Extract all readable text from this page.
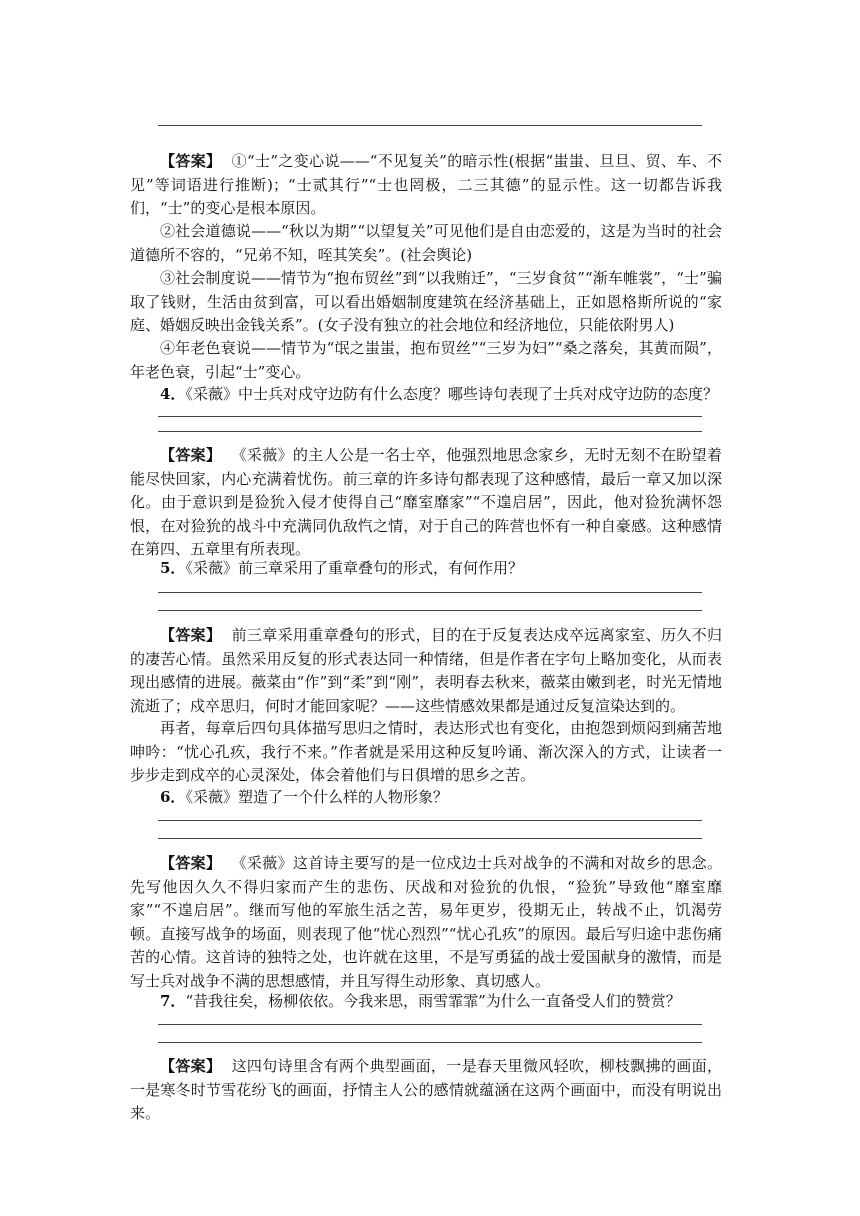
【答案】 ①“士”之变心说——“不见复关”的暗示性(根据“蚩蚩、旦旦、贸、车、不见”等词语进行推断)；“士贰其行”“士也罔极，二三其德”的显示性。这一切都告诉我们，“士”的变心是根本原因。

②社会道德说——“秋以为期”“以望复关”可见他们是自由恋爱的，这是为当时的社会道德所不容的，“兄弟不知，咥其笑矣”。(社会舆论)

③社会制度说——情节为“抱布贸丝”到“以我贿迁”，“三岁食贫”“渐车帷裳”，“士”骗取了钱财，生活由贫到富，可以看出婚姻制度建筑在经济基础上，正如恩格斯所说的“家庭、婚姻反映出金钱关系”。(女子没有独立的社会地位和经济地位，只能依附男人)

④年老色衰说——情节为“氓之蚩蚩，抱布贸丝”“三岁为妇”“桑之落矣，其黄而陨”，年老色衰，引起“士”变心。

4．《采薇》中士兵对戍守边防有什么态度？哪些诗句表现了士兵对戍守边防的态度？

【答案】 《采薇》的主人公是一名士卒，他强烈地思念家乡，无时无刻不在盼望着能尽快回家，内心充满着忧伤。前三章的许多诗句都表现了这种感情，最后一章又加以深化。由于意识到是猃狁入侵才使得自己“靡室靡家”“不遑启居”，因此，他对猃狁满怀怨恨，在对猃狁的战斗中充满同仇敌忾之情，对于自己的阵营也怀有一种自豪感。这种感情在第四、五章里有所表现。

5．《采薇》前三章采用了重章叠句的形式，有何作用？

【答案】 前三章采用重章叠句的形式，目的在于反复表达戍卒远离家室、历久不归的凄苦心情。虽然采用反复的形式表达同一种情绪，但是作者在字句上略加变化，从而表现出感情的进展。薇菜由“作”到“柔”到“刚”，表明春去秋来，薇菜由嫩到老，时光无情地流逝了；戍卒思归，何时才能回家呢？——这些情感效果都是通过反复渲染达到的。

再者，每章后四句具体描写思归之情时，表达形式也有变化，由抱怨到烦闷到痛苦地呻吟：“忧心孔疚，我行不来。”作者就是采用这种反复吟诵、渐次深入的方式，让读者一步步走到戍卒的心灵深处，体会着他们与日俱增的思乡之苦。

6．《采薇》塑造了一个什么样的人物形象？

【答案】 《采薇》这首诗主要写的是一位戍边士兵对战争的不满和对故乡的思念。先写他因久久不得归家而产生的悲伤、厌战和对猃狁的仇恨，“猃狁”导致他“靡室靡家”“不遑启居”。继而写他的军旅生活之苦，易年更岁，役期无止，转战不止，饥渴劳顿。直接写战争的场面，则表现了他“忧心烈烈”“忧心孔疚”的原因。最后写归途中悲伤痛苦的心情。这首诗的独特之处，也许就在这里，不是写勇猛的战士爱国献身的激情，而是写士兵对战争不满的思想感情，并且写得生动形象、真切感人。

7．“昔我往矣，杨柳依依。今我来思，雨雪霏霏”为什么一直备受人们的赞赏？

【答案】 这四句诗里含有两个典型画面，一是春天里微风轻吹，柳枝飘拂的画面，一是寒冬时节雪花纷飞的画面，抒情主人公的感情就蕴涵在这两个画面中，而没有明说出来。
